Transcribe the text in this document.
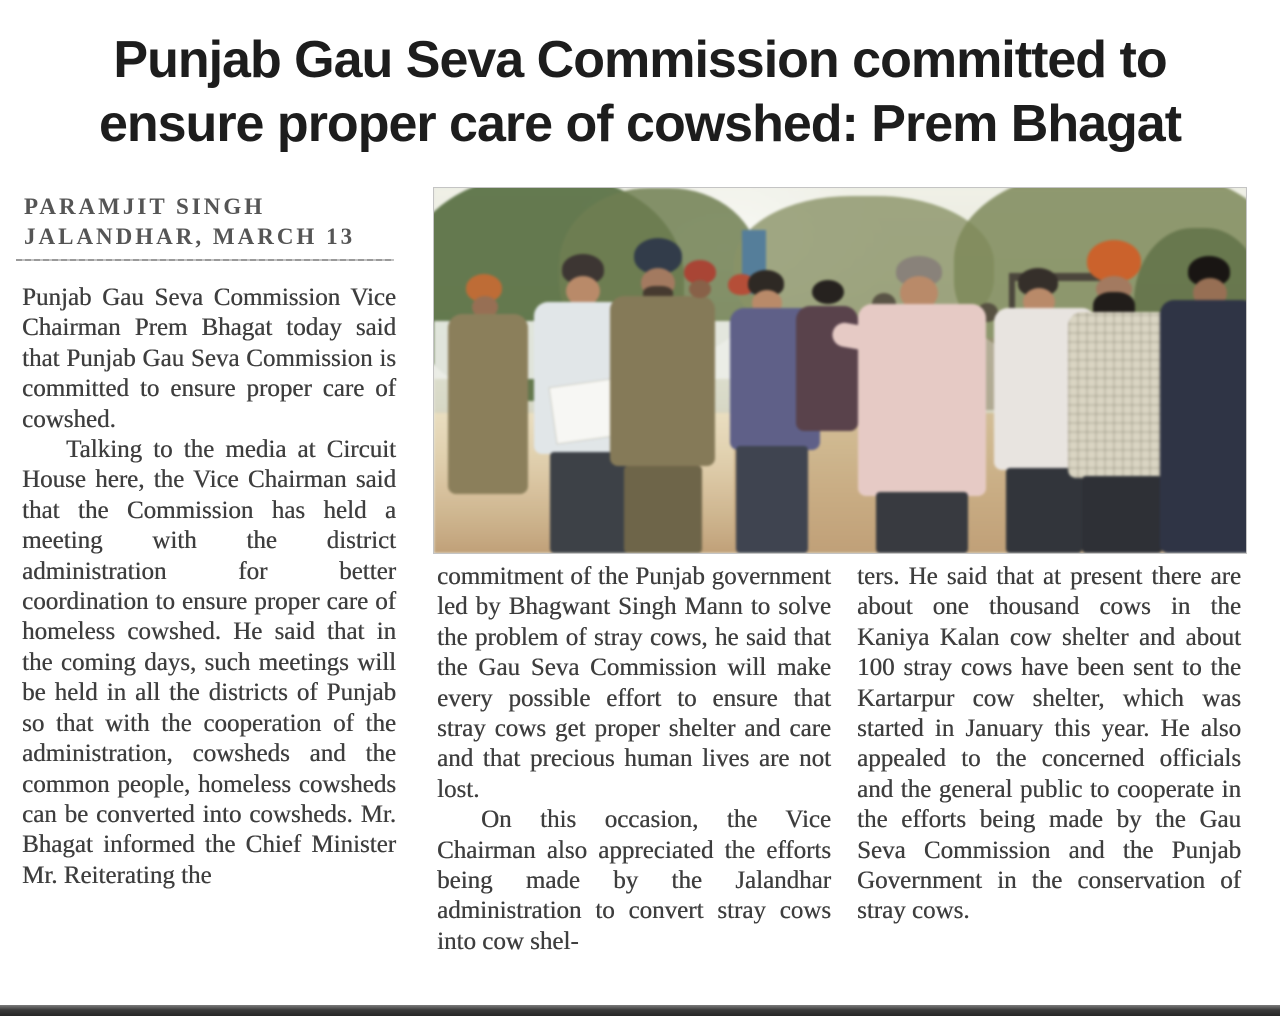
Punjab Gau Seva Commission committed to
ensure proper care of cowshed: Prem Bhagat
PARAMJIT SINGH
JALANDHAR, MARCH 13

Punjab Gau Seva Commission Vice Chairman Prem Bhagat today said that Punjab Gau Seva Commission is committed to ensure proper care of cowshed.

Talking to the media at Circuit House here, the Vice Chairman said that the Commission has held a meeting with the district administration for better coordination to ensure proper care of homeless cowshed. He said that in the coming days, such meetings will be held in all the districts of Punjab so that with the cooperation of the administration, cowsheds and the common people, homeless cowsheds can be converted into cowsheds. Mr. Bhagat informed the Chief Minister Mr. Reiterating the

commitment of the Punjab government led by Bhagwant Singh Mann to solve the problem of stray cows, he said that the Gau Seva Commission will make every possible effort to ensure that stray cows get proper shelter and care and that precious human lives are not lost.

On this occasion, the Vice Chairman also appreciated the efforts being made by the Jalandhar administration to convert stray cows into cow shel-

ters. He said that at present there are about one thousand cows in the Kaniya Kalan cow shelter and about 100 stray cows have been sent to the Kartarpur cow shelter, which was started in January this year. He also appealed to the concerned officials and the general public to cooperate in the efforts being made by the Gau Seva Commission and the Punjab Government in the conservation of stray cows.
